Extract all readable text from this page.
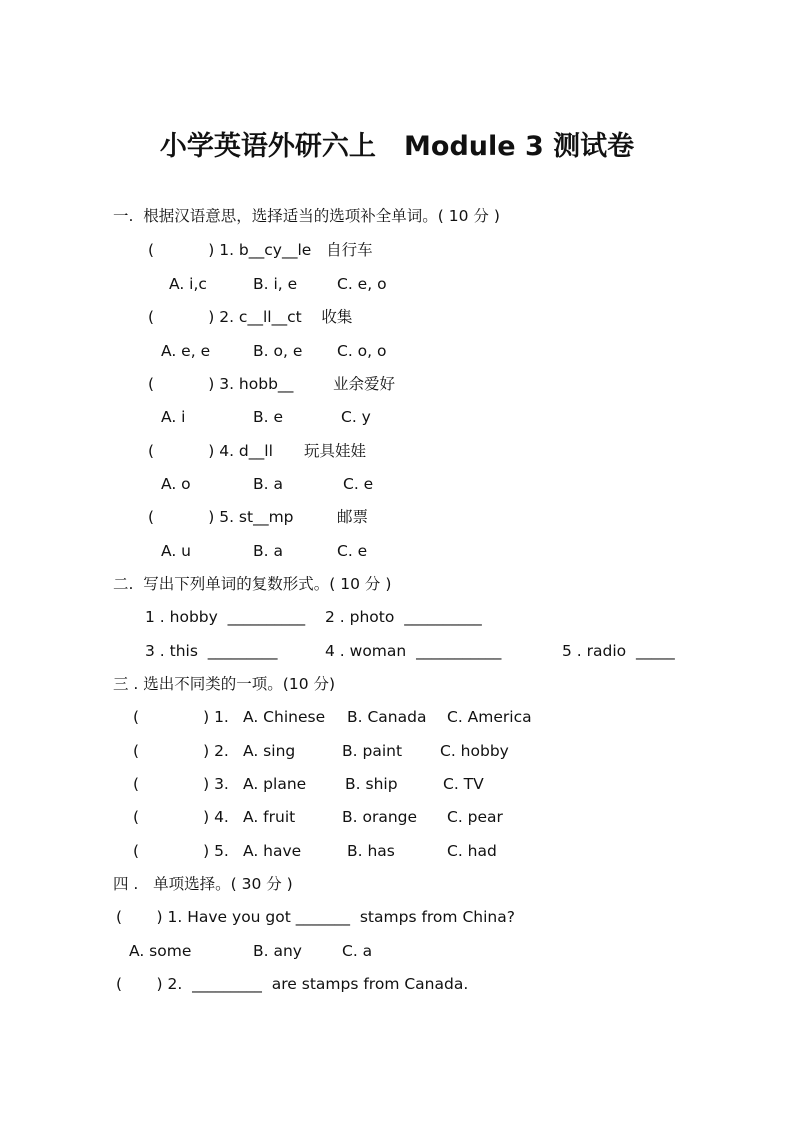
小学英语外研六上   Module 3 测试卷
一.  根据汉语意思，选择适当的选项补全单词。( 10 分 )
(           ) 1. b__cy__le   自行车
A. i,c	B. i, e	C. e, o
(           ) 2. c__ll__ct    收集
A. e, e	B. o, e C. o, o
(           ) 3. hobb__	业余爱好
A. i	B. e	C. y
(           ) 4. d__ll 玩具娃娃
A. o	B. a	C. e
(           ) 5. st__mp	邮票
A. u	B. a	C. e
二.  写出下列单词的复数形式。( 10 分 )
1 . hobby  __________ 2 . photo  __________
3 . this  _________	4 . woman  ___________	5 . radio  _____
三 . 选出不同类的一项。(10 分)
(             ) 1. A. Chinese B. Canada C. America
(             ) 2. A. sing	B. paint C. hobby
(             ) 3. A. plane	B. ship	C. TV
(             ) 4. A. fruit	B. orange C. pear
(             ) 5. A. have	B. has	C. had
四 .   单项选择。( 30 分 )
(       ) 1. Have you got _______  stamps from China?
A. some	B. any	C. a
(       ) 2.  _________  are stamps from Canada.
